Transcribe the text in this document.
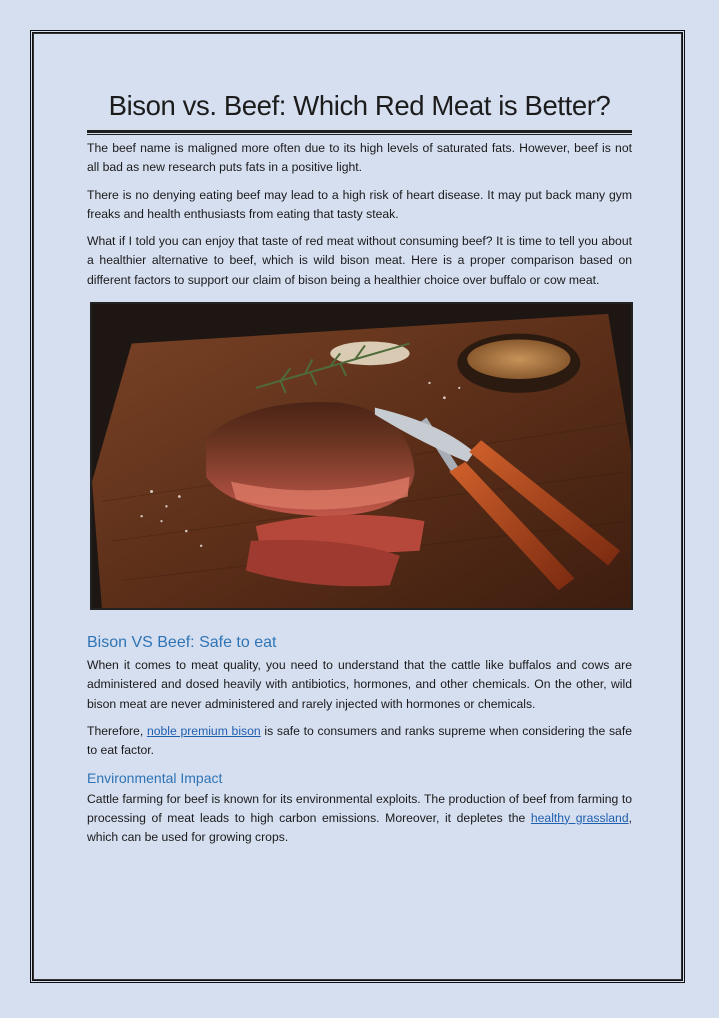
Bison vs. Beef: Which Red Meat is Better?

The beef name is maligned more often due to its high levels of saturated fats. However, beef is not all bad as new research puts fats in a positive light.

There is no denying eating beef may lead to a high risk of heart disease. It may put back many gym freaks and health enthusiasts from eating that tasty steak.

What if I told you can enjoy that taste of red meat without consuming beef? It is time to tell you about a healthier alternative to beef, which is wild bison meat. Here is a proper comparison based on different factors to support our claim of bison being a healthier choice over buffalo or cow meat.

Bison VS Beef: Safe to eat

When it comes to meat quality, you need to understand that the cattle like buffalos and cows are administered and dosed heavily with antibiotics, hormones, and other chemicals. On the other, wild bison meat are never administered and rarely injected with hormones or chemicals.

Therefore, noble premium bison is safe to consumers and ranks supreme when considering the safe to eat factor.

Environmental Impact

Cattle farming for beef is known for its environmental exploits. The production of beef from farming to processing of meat leads to high carbon emissions. Moreover, it depletes the healthy grassland, which can be used for growing crops.
